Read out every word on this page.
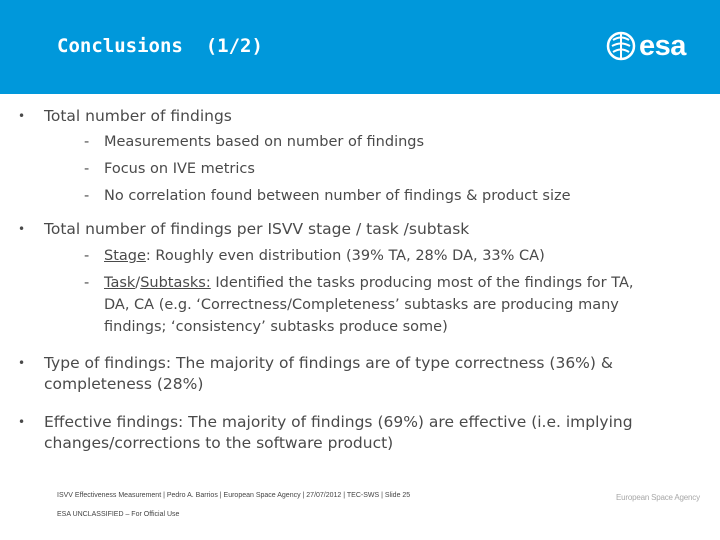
Conclusions  (1/2)	esa
• Total number of findings
- Measurements based on number of findings
- Focus on IVE metrics
- No correlation found between number of findings & product size
• Total number of findings per ISVV stage / task /subtask
- Stage: Roughly even distribution (39% TA, 28% DA, 33% CA)
- Task/Subtasks: Identified the tasks producing most of the findings for TA,
DA, CA (e.g. ‘Correctness/Completeness’ subtasks are producing many
findings; ‘consistency’ subtasks produce some)
• Type of findings: The majority of findings are of type correctness (36%) &
completeness (28%)
• Effective findings: The majority of findings (69%) are effective (i.e. implying
changes/corrections to the software product)
ISVV Effectiveness Measurement | Pedro A. Barrios | European Space Agency | 27/07/2012 | TEC-SWS | Slide 25
ESA UNCLASSIFIED – For Official Use
European Space Agency
